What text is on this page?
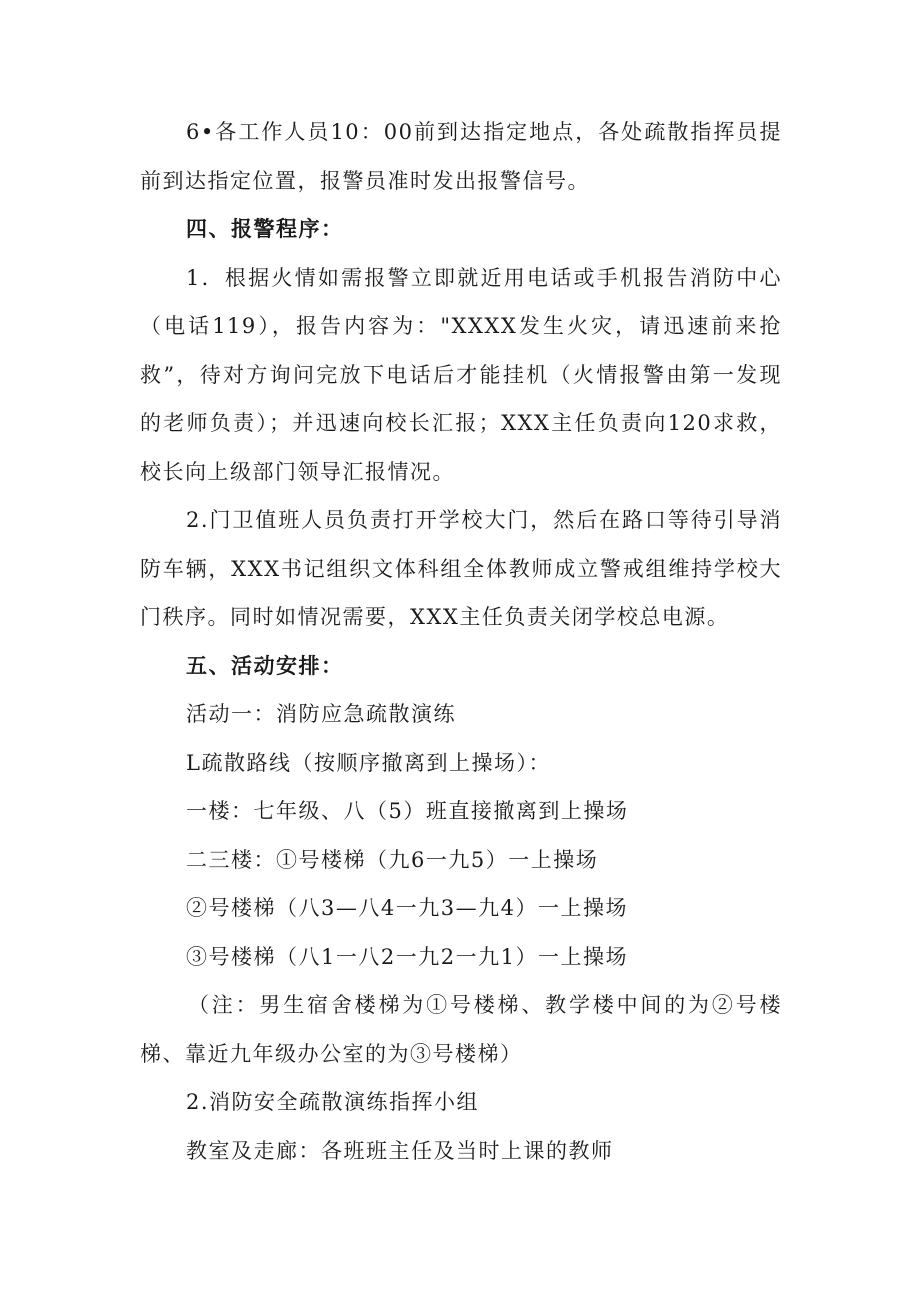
6•各工作人员10：00前到达指定地点，各处疏散指挥员提前到达指定位置，报警员准时发出报警信号。

四、报警程序：

1．根据火情如需报警立即就近用电话或手机报告消防中心（电话119），报告内容为："XXXX发生火灾，请迅速前来抢救”，待对方询问完放下电话后才能挂机（火情报警由第一发现的老师负责）；并迅速向校长汇报；XXX主任负责向120求救，校长向上级部门领导汇报情况。

2.门卫值班人员负责打开学校大门，然后在路口等待引导消防车辆，XXX书记组织文体科组全体教师成立警戒组维持学校大门秩序。同时如情况需要，XXX主任负责关闭学校总电源。

五、活动安排：

活动一：消防应急疏散演练

L疏散路线（按顺序撤离到上操场）：

一楼：七年级、八（5）班直接撤离到上操场

二三楼：①号楼梯（九6一九5）一上操场

②号楼梯（八3—八4一九3—九4）一上操场

③号楼梯（八1一八2一九2一九1）一上操场

（注：男生宿舍楼梯为①号楼梯、教学楼中间的为②号楼梯、靠近九年级办公室的为③号楼梯）

2.消防安全疏散演练指挥小组

教室及走廊：各班班主任及当时上课的教师
